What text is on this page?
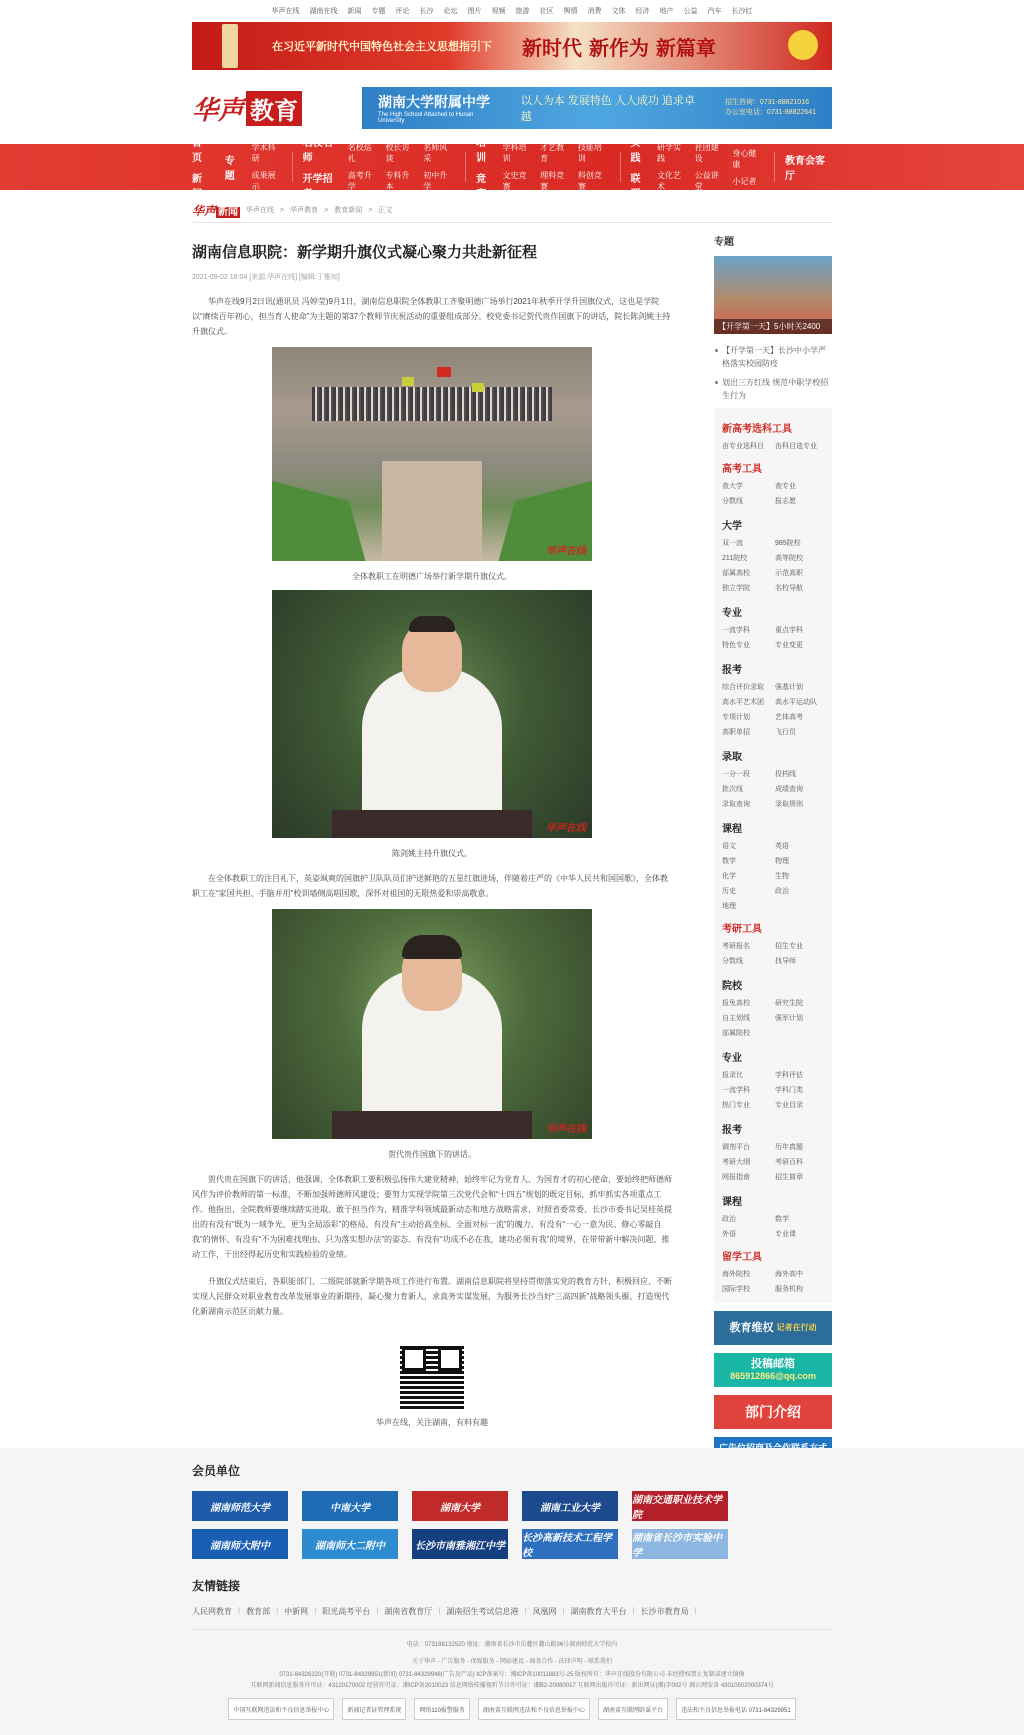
华声在线 湖南在线 新闻 专题 评论 长沙 论坛 图片 视频 旅游 社区 舆情 消费 文体 经济 地产 公益 汽车 长沙红
在习近平新时代中国特色社会主义思想指引下 新时代 新作为 新篇章
华声 教育	湖南大学附属中学
The High School Attached to Hunan University
以人为本 发展特色 人人成功 追求卓越
招生咨询：0731-88821016
办公室电话：0731-88822641
首页
新闻
专题
学术科研
成果展示
名校名师
开学招考
名校巡礼
高考升学
校长访谈
专科升本
名师风采
初中升学
培训
竞赛
学科培训
文史竞赛
才艺教育
理科竞赛
技能培训
科创竞赛
实践
联盟
研学实践
文化艺术
社团建设
公益讲堂
身心健康
小记者
教育会客厅
华声 新闻 华声在线 > 华声教育 > 教育新闻 > 正文
湖南信息职院：新学期升旗仪式凝心聚力共赴新征程
2021-09-02 16:04 [来源:华声在线] [编辑:丁雅知]

华声在线9月2日讯(通讯员 冯婷莹)9月1日，湖南信息职院全体教职工齐聚明德广场举行2021年秋季开学升国旗仪式，这也是学院以“赓续百年初心，担当育人使命”为主题的第37个教师节庆祝活动的重要组成部分。校党委书记贺代贵作国旗下的讲话，院长陈剑姚主持升旗仪式。

华声在线
全体教职工在明德广场举行新学期升旗仪式。
华声在线
陈剑姚主持升旗仪式。

在全体教职工的注目礼下，英姿飒爽的国旗护卫队队员们护送鲜艳的五星红旗进场，伴随着庄严的《中华人民共和国国歌》，全体教职工在“家国共担、手脑并用”校训墙侧高唱国歌，深怀对祖国的无限热爱和崇高敬意。

华声在线
贺代贵作国旗下的讲话。

贺代贵在国旗下的讲话，他强调，全体教职工要积极弘扬伟大建党精神，始终牢记为党育人、为国育才的初心使命，要始终把师德师风作为评价教师的第一标准，不断加强师德师风建设；要努力实现学院第三次党代会和“十四五”规划的既定目标，抓牢抓实各项重点工作。他指出，全院教师要继续踏实进取、敢于担当作为，精准学科领域最新动态和地方战略需求，对照省委常委、长沙市委书记吴桂英提出的有没有“既为一域争光、更为全局添彩”的格局、有没有“主动抬高坐标、全面对标一流”的魄力、有没有“一心一意为民、修心零敲自我”的情怀、有没有“不为困难找理由、只为落实想办法”的姿态、有没有“功成不必在我，建功必须有我”的境界，在带带新中解决问题、推动工作，干出经得起历史和实践检验的业绩。

升旗仪式结束后，各职能部门、二级院部就新学期各项工作进行布置。湖南信息职院将坚持贯彻落实党的教育方针，积极回应、不断实现人民群众对职业教育改革发展事业的新期待，凝心聚力育新人，求真务实谋发展，为服务长沙当好“三高四新”战略领头雁、打造现代化新湖南示范区贡献力量。

华声在线，关注湖南，有料有趣
专题
【开学第一天】5小时关2400
【开学第一天】长沙中小学严格落实校园防疫
划出三方红线 规范中职学校招生行为
新高考选科工具
由专业选科目	由科目选专业
高考工具
查大学	查专业
分数线	报志愿
大学
双一流	985院校
211院校	高等院校
部属高校	示范高职
独立学院	名校导航
专业
一流学科	重点学科
特色专业	专业变更
报考
综合评价录取	强基计划
高水平艺术团	高水平运动队
专项计划	艺体高考
高职单招	飞行员
录取
一分一段	投档线
批次线	成绩查询
录取查询	录取规则
课程
语文	英语
数学	物理
化学	生物
历史	政治
地理
考研工具
考研报名	招生专业
分数线	找导师
院校
报免高校	研究生院
自主划线	强军计划
部属院校
专业
报录比	学科评估
一流学科	学科门类
热门专业	专业目录
报考
调剂平台	历年真题
考研大纲	考研百科
网报指南	招生简章
课程
政治	数学
外语	专业课
留学工具
海外院校	海外高中
国际学校	服务机构
教育维权
记者在行动
投稿邮箱
865912866@qq.com
部门介绍
会员单位
湖南师范大学	中南大学	湖南大学	湖南工业大学
湖南交通职业技术学院
湖南师大附中	湖南师大二附中	长沙市南雅湘江中学
长沙高新技术工程学校
湖南省长沙市实验中学
友情链接
人民网教育 | 教育部 | 中新网 | 阳光高考平台 | 湖南省教育厅 | 湖南招生考试信息港 | 凤凰网 | 湖南教育大平台 | 长沙市教育局 |
电话：073188132520 地址：湖南省长沙市岳麓区麓山路36号湖南师范大学校内
关于华声 - 广告服务 - 保媒服务 - 网站建设 - 商务合作 - 法律声明 - 联系我们
0731-84326220(开联) 0731-84329951(新闻) 0731-84329948(广告及产品) ICP备案号：湘ICP备10011883号-25 版权所有：华声在线股份有限公司 未经授权禁止复制或建立镜像
互联网新闻信息服务许可证：43120170002 经营许可证：湘ICP备2010023 信息网络传播视听节目许可证：湘B2-20080017 互联网出版许可证：新出网证(湘)字002号 湘公网安备 43010502000374号
中国互联网违法和不良信息举报中心	新闻记者证管理系统	网络110报警服务	湖南省互联网违法和不良信息举报中心	湖南省互联网辟谣平台	违法和不良信息举报电话 0731-84329951
